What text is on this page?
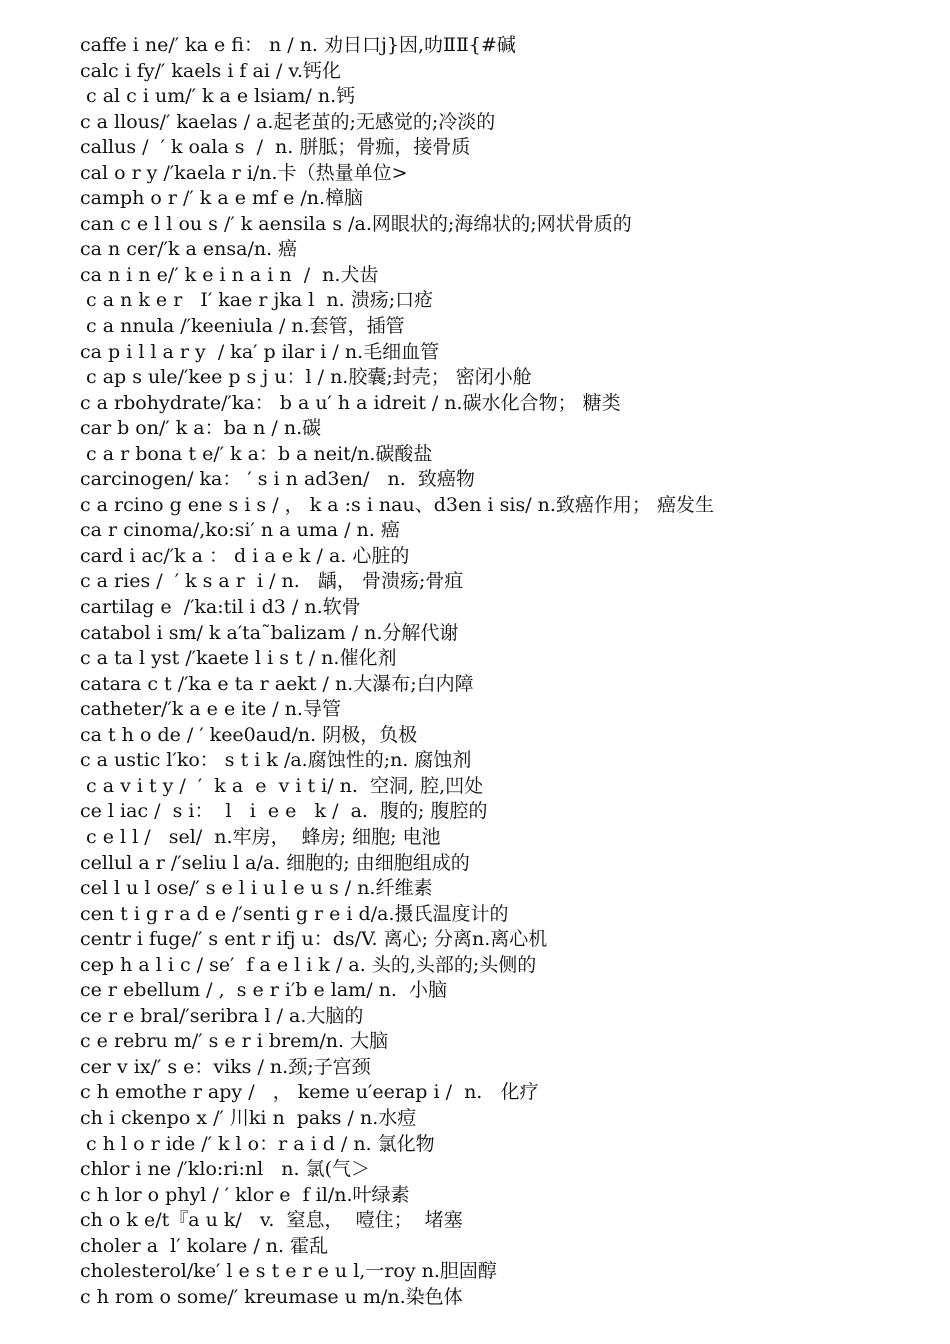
caffe i ne/′ ka e fi： n / n. 劝日口j}因,叻ⅡⅡ{#碱
calc i fy/′ kaels i f ai / v.钙化
c al c i um/′ k a e lsiam/ n.钙
c a llous/′ kaelas / a.起老茧的;无感觉的;冷淡的
callus /  ′ k oala s  /  n. 胼胝；骨痂，接骨质
cal o r y /′kaela r i/n.卡（热量单位>
camph o r /′ k a e mf e /n.樟脑
can c e l l ou s /′ k aensila s /a.网眼状的;海绵状的;网状骨质的
ca n cer/′k a ensa/n. 癌
ca n i n e/′ k e i n a i n  /  n.犬齿
c a n k e r   I′ kae r jka l  n. 溃疡;口疮
c a nnula /′keeniula / n.套管，插管
ca p i l l a r y  / ka′ p ilar i / n.毛细血管
c ap s ule/′kee p s j u：l / n.胶囊;封壳； 密闭小舱
c a rbohydrate/′ka： b a u′ h a idreit / n.碳水化合物； 糖类
car b on/′ k a：ba n / n.碳
c a r bona t e/′ k a：b a neit/n.碳酸盐
carcinogen/ ka： ′ s i n ad3en/   n.  致癌物
c a rcino g ene s i s / ， k a :s i nau、d3en i sis/ n.致癌作用； 癌发生
ca r cinoma/,ko:si′ n a uma / n. 癌
card i ac/′k a ： d i a e k / a. 心脏的
c a ries /  ′ k s a r  i / n.   龋， 骨溃疡;骨疽
cartilag e  /′ka:til i d3 / n.软骨
catabol i sm/ k a′ta˜balizam / n.分解代谢
c a ta l yst /′kaete l i s t / n.催化剂
catara c t /′ka e ta r aekt / n.大瀑布;白内障
catheter/′k a e e ite / n.导管
ca t h o de / ′ kee0aud/n. 阴极，负极
c a ustic l′ko： s t i k /a.腐蚀性的;n. 腐蚀剂
c a v i t y /  ′  k a  e  v i t i/ n.  空洞, 腔,凹处
ce l iac /  s i：  l   i  e e   k /  a.  腹的; 腹腔的
c e l l /   sel/  n.牢房，  蜂房; 细胞; 电池
cellul a r /′seliu l a/a. 细胞的; 由细胞组成的
cel l u l ose/′ s e l i u l e u s / n.纤维素
cen t i g r a d e /′senti g r e i d/a.摄氏温度计的
centr i fuge/′ s ent r ifj u：ds/V. 离心; 分离n.离心机
cep h a l i c / se′  f a e l i k / a. 头的,头部的;头侧的
ce r ebellum / ,  s e r i′b e lam/ n.  小脑
ce r e bral/′seribra l / a.大脑的
c e rebru m/′ s e r i brem/n. 大脑
cer v ix/′ s e：viks / n.颈;子宫颈
c h emothe r apy /   ， keme u′eerap i /  n.   化疗
ch i ckenpo x /′ 川ki n  paks / n.水痘
c h l o r ide /′ k l o：r a i d / n. 氯化物
chlor i ne /′klo:ri:nl   n. 氯(气＞
c h lor o phyl / ′ klor e  f il/n.叶绿素
ch o k e/t『a u k/   v.  窒息，  噎住；  堵塞
choler a  l′ kolare / n. 霍乱
cholesterol/ke′ l e s t e r e u l,一roy n.胆固醇
c h rom o some/′ kreumase u m/n.染色体
